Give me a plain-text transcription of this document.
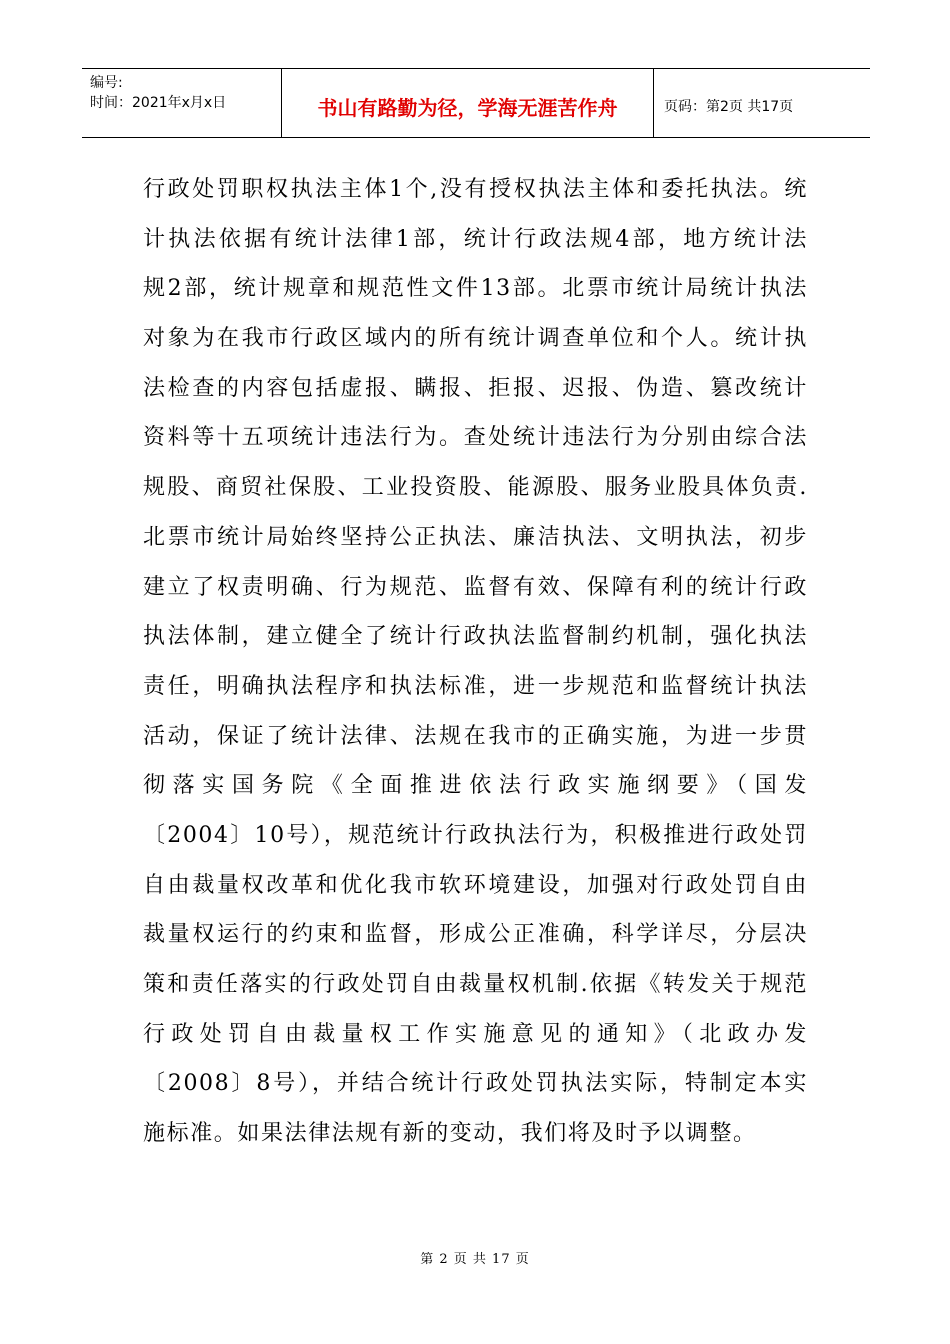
编号:
时间：2021年x月x日	书山有路勤为径，学海无涯苦作舟	页码：第2页 共17页
行政处罚职权执法主体1个,没有授权执法主体和委托执法。统
计执法依据有统计法律1部，统计行政法规4部，地方统计法
规2部，统计规章和规范性文件13部。北票市统计局统计执法
对象为在我市行政区域内的所有统计调查单位和个人。统计执
法检查的内容包括虚报、瞒报、拒报、迟报、伪造、篡改统计
资料等十五项统计违法行为。查处统计违法行为分别由综合法
规股、商贸社保股、工业投资股、能源股、服务业股具体负责.
北票市统计局始终坚持公正执法、廉洁执法、文明执法，初步
建立了权责明确、行为规范、监督有效、保障有利的统计行政
执法体制，建立健全了统计行政执法监督制约机制，强化执法
责任，明确执法程序和执法标准，进一步规范和监督统计执法
活动，保证了统计法律、法规在我市的正确实施，为进一步贯
彻落实国务院《全面推进依法行政实施纲要》（国发
〔2004〕10号），规范统计行政执法行为，积极推进行政处罚
自由裁量权改革和优化我市软环境建设，加强对行政处罚自由
裁量权运行的约束和监督，形成公正准确，科学详尽，分层决
策和责任落实的行政处罚自由裁量权机制.依据《转发关于规范
行政处罚自由裁量权工作实施意见的通知》（北政办发
〔2008〕8号），并结合统计行政处罚执法实际，特制定本实
施标准。如果法律法规有新的变动，我们将及时予以调整。
第 2 页 共 17 页
